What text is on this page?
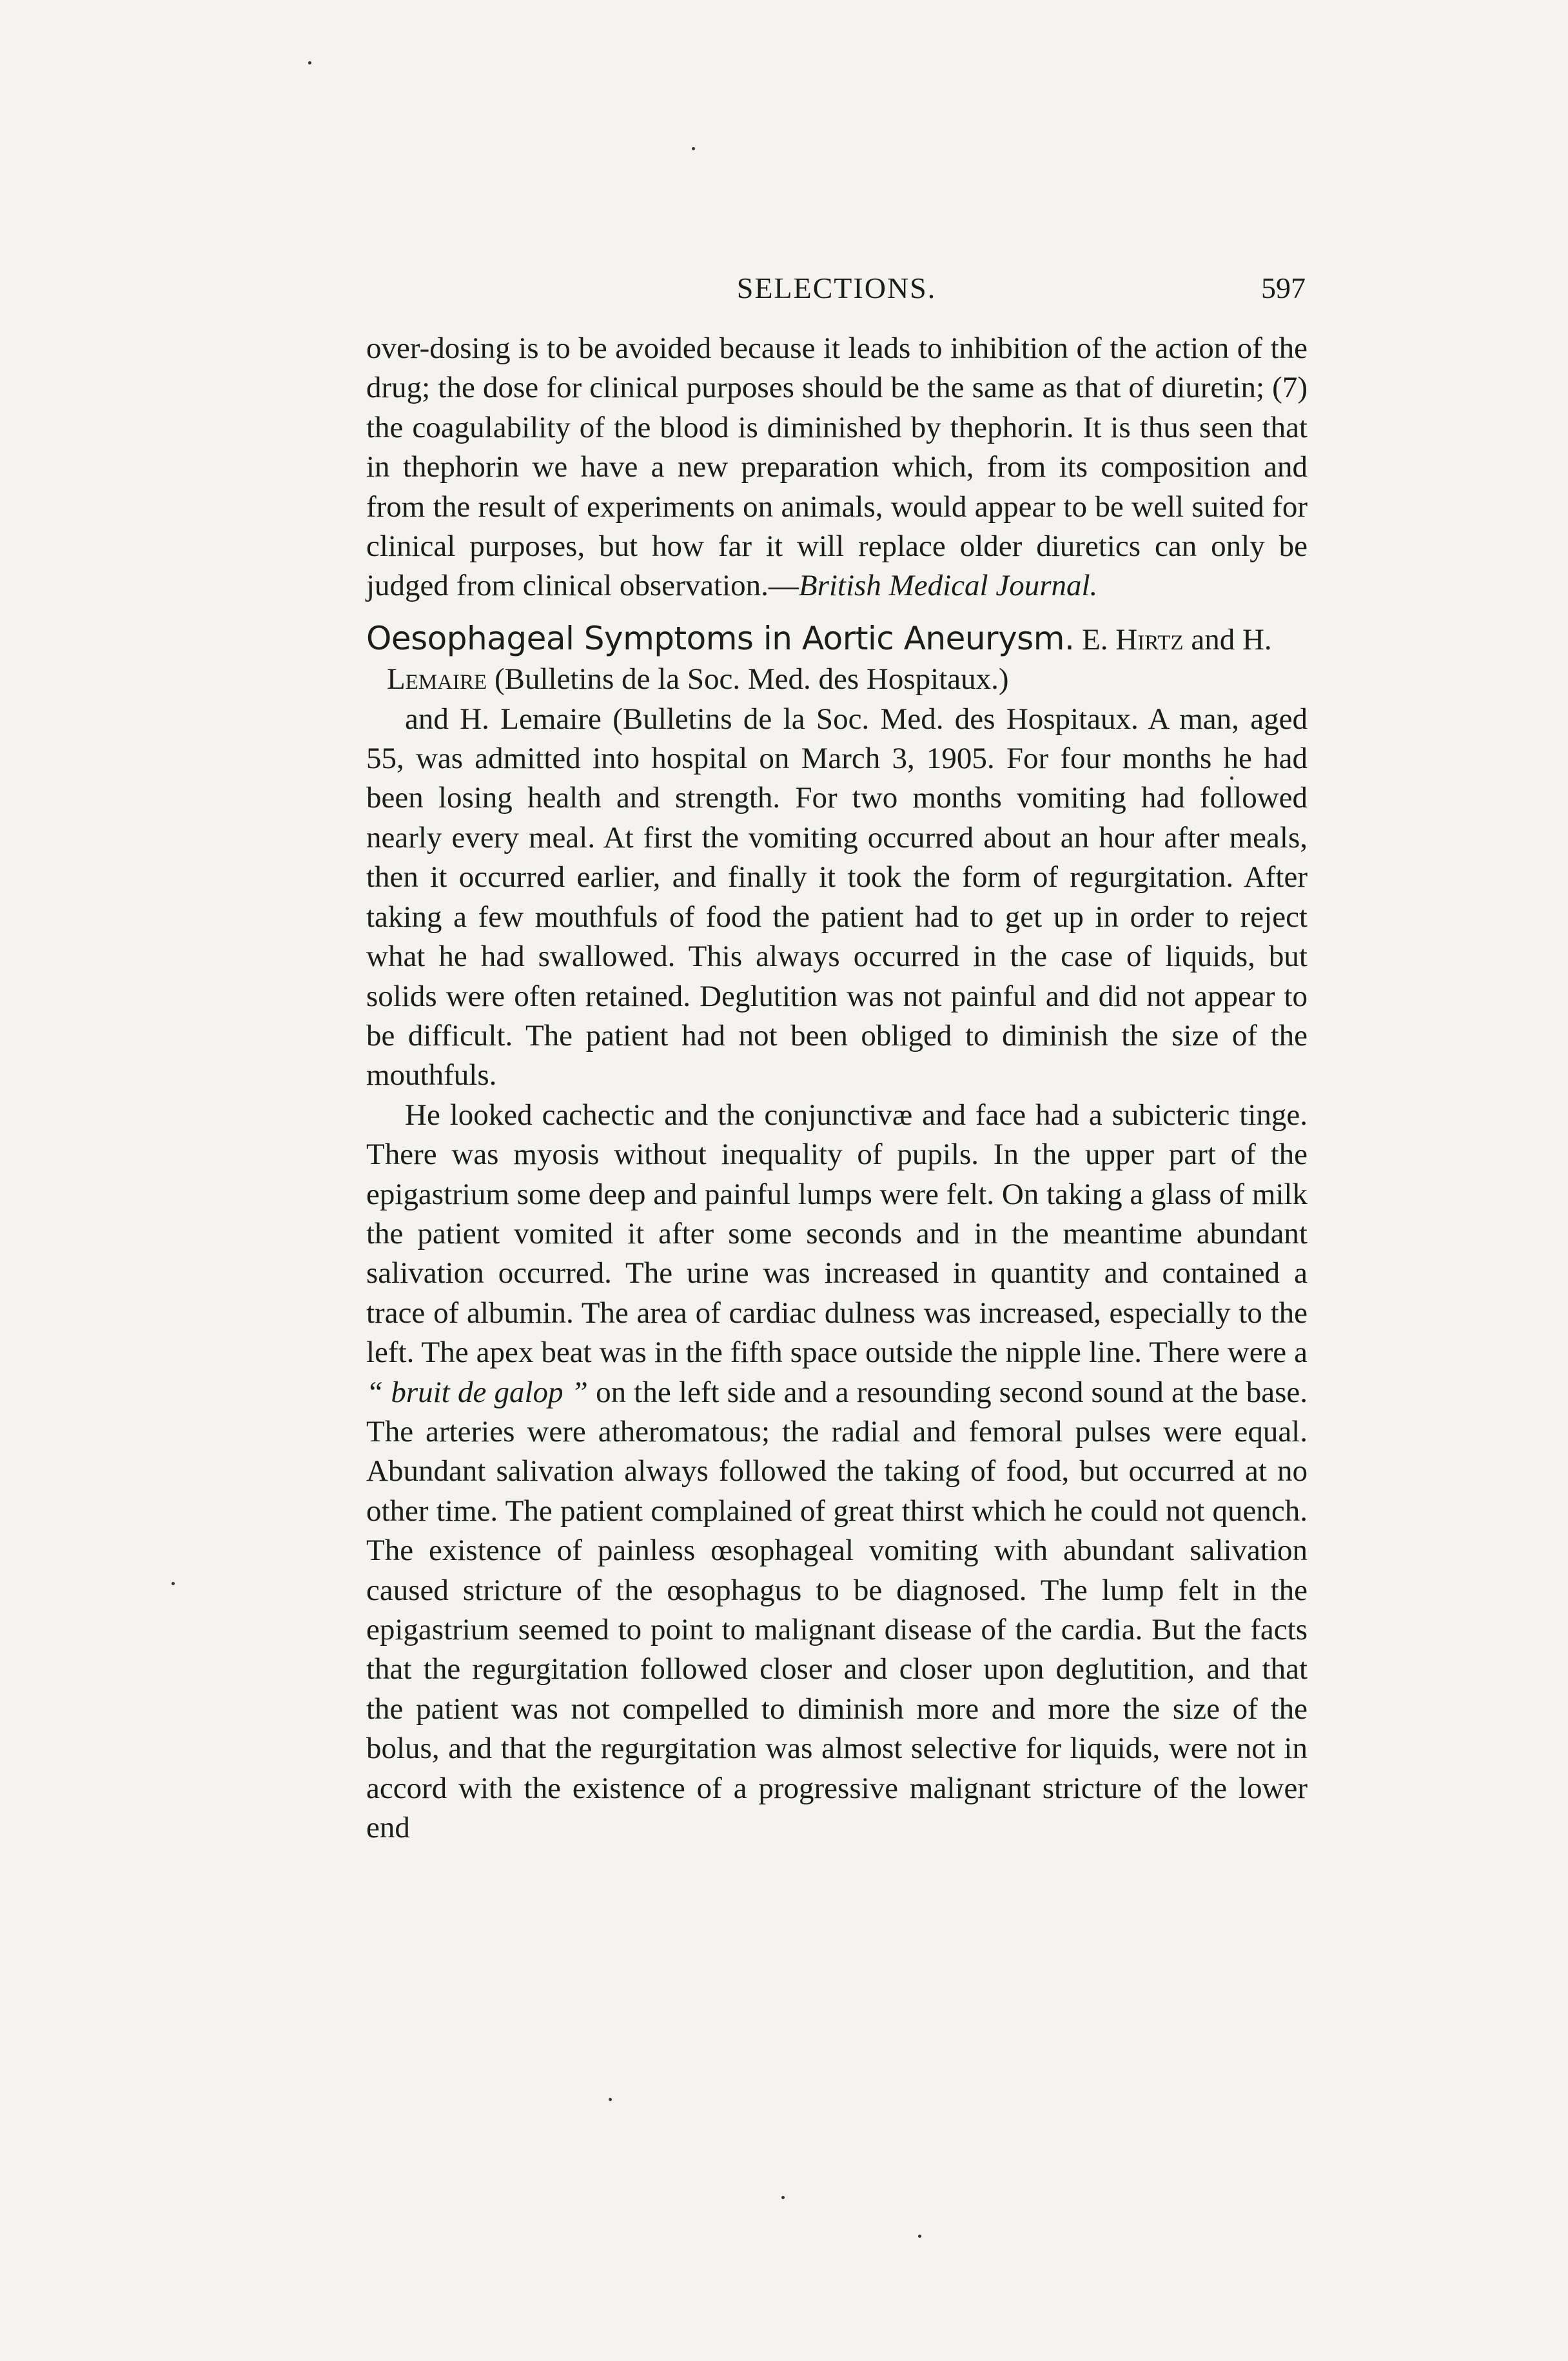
SELECTIONS.	597

over-dosing is to be avoided because it leads to inhibition of the action of the drug; the dose for clinical purposes should be the same as that of diuretin; (7) the coagulability of the blood is diminished by thephorin. It is thus seen that in thephorin we have a new preparation which, from its composition and from the result of experiments on animals, would appear to be well suited for clinical purposes, but how far it will replace older diuretics can only be judged from clinical observation.—British Medical Journal.

Oesophageal Symptoms in Aortic Aneurysm. E. Hirtz and H.
Lemaire (Bulletins de la Soc. Med. des Hospitaux.)

and H. Lemaire (Bulletins de la Soc. Med. des Hospitaux. A man, aged 55, was admitted into hospital on March 3, 1905. For four months he had been losing health and strength. For two months vomiting had followed nearly every meal. At first the vomiting occurred about an hour after meals, then it occurred earlier, and finally it took the form of regurgitation. After taking a few mouthfuls of food the patient had to get up in order to reject what he had swallowed. This always occurred in the case of liquids, but solids were often retained. Deglutition was not painful and did not appear to be difficult. The patient had not been obliged to diminish the size of the mouthfuls.

He looked cachectic and the conjunctivæ and face had a subicteric tinge. There was myosis without inequality of pupils. In the upper part of the epigastrium some deep and painful lumps were felt. On taking a glass of milk the patient vomited it after some seconds and in the meantime abundant salivation occurred. The urine was increased in quantity and contained a trace of albumin. The area of cardiac dulness was increased, especially to the left. The apex beat was in the fifth space outside the nipple line. There were a “ bruit de galop ” on the left side and a resounding second sound at the base. The arteries were atheromatous; the radial and femoral pulses were equal. Abundant salivation always followed the taking of food, but occurred at no other time. The patient complained of great thirst which he could not quench. The existence of painless œsophageal vomiting with abundant salivation caused stricture of the œsophagus to be diagnosed. The lump felt in the epigastrium seemed to point to malignant disease of the cardia. But the facts that the regurgitation followed closer and closer upon deglutition, and that the patient was not compelled to diminish more and more the size of the bolus, and that the regurgitation was almost selective for liquids, were not in accord with the existence of a progressive malignant stricture of the lower end
